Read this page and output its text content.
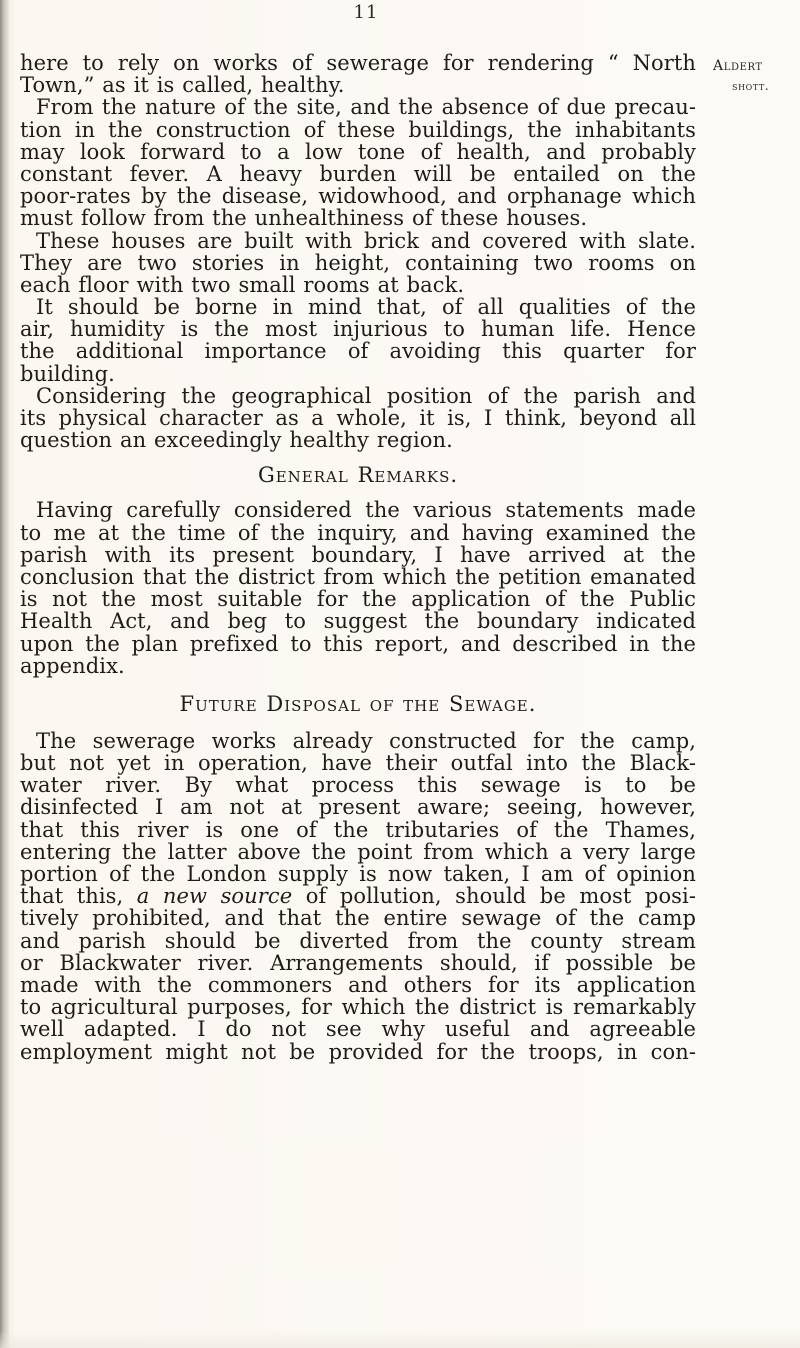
11
Aldert
shott.
here to rely on works of sewerage for rendering “ North
Town,” as it is called, healthy.
From the nature of the site, and the absence of due precau-
tion in the construction of these buildings, the inhabitants
may look forward to a low tone of health, and probably
constant fever. A heavy burden will be entailed on the
poor-rates by the disease, widowhood, and orphanage which
must follow from the unhealthiness of these houses.
These houses are built with brick and covered with slate.
They are two stories in height, containing two rooms on
each floor with two small rooms at back.
It should be borne in mind that, of all qualities of the
air, humidity is the most injurious to human life. Hence
the additional importance of avoiding this quarter for
building.
Considering the geographical position of the parish and
its physical character as a whole, it is, I think, beyond all
question an exceedingly healthy region.
General Remarks.
Having carefully considered the various statements made
to me at the time of the inquiry, and having examined the
parish with its present boundary, I have arrived at the
conclusion that the district from which the petition emanated
is not the most suitable for the application of the Public
Health Act, and beg to suggest the boundary indicated
upon the plan prefixed to this report, and described in the
appendix.
Future Disposal of the Sewage.
The sewerage works already constructed for the camp,
but not yet in operation, have their outfal into the Black-
water river. By what process this sewage is to be
disinfected I am not at present aware; seeing, however,
that this river is one of the tributaries of the Thames,
entering the latter above the point from which a very large
portion of the London supply is now taken, I am of opinion
that this, a new source of pollution, should be most posi-
tively prohibited, and that the entire sewage of the camp
and parish should be diverted from the county stream
or Blackwater river. Arrangements should, if possible be
made with the commoners and others for its application
to agricultural purposes, for which the district is remarkably
well adapted. I do not see why useful and agreeable
employment might not be provided for the troops, in con-
